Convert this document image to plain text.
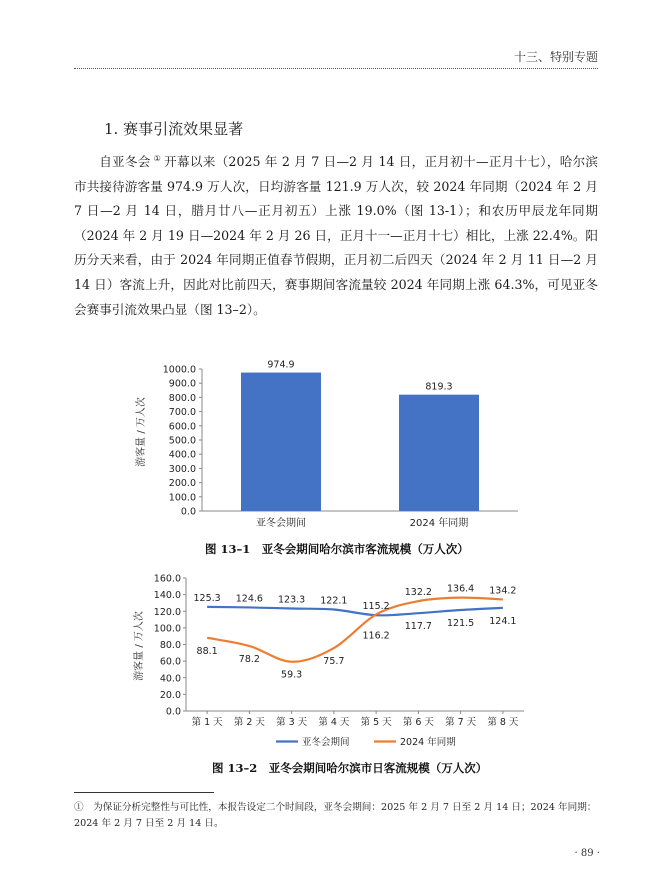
十三、特别专题
1. 赛事引流效果显著

自亚冬会 ① 开幕以来（2025 年 2 月 7 日—2 月 14 日，正月初十—正月十七），哈尔滨市共接待游客量 974.9 万人次，日均游客量 121.9 万人次，较 2024 年同期（2024 年 2 月 7 日—2 月 14 日，腊月廿八—正月初五）上涨 19.0%（图 13-1）；和农历甲辰龙年同期（2024 年 2 月 19 日—2024 年 2 月 26 日，正月十一—正月十七）相比，上涨 22.4%。阳历分天来看，由于 2024 年同期正值春节假期，正月初二后四天（2024 年 2 月 11 日—2 月 14 日）客流上升，因此对比前四天，赛事期间客流量较 2024 年同期上涨 64.3%，可见亚冬会赛事引流效果凸显（图 13–2）。

0.0
100.0
200.0
300.0
400.0
500.0
600.0
700.0
800.0
900.0
1000.0	974.9
819.3
亚冬会期间	2024 年同期
游客量 / 万人次
图 13–1　亚冬会期间哈尔滨市客流规模（万人次）
0.0
20.0
40.0
60.0
80.0
100.0
120.0
140.0
160.0
125.3 124.6 123.3 122.1
115.2
117.7 121.5 124.1
88.1
78.2
59.3
75.7
116.2
132.2 136.4 134.2
第 1 天 第 2 天 第 3 天 第 4 天 第 5 天 第 6 天 第 7 天 第 8 天
亚冬会期间	2024 年同期
游客量 / 万人次
图 13–2　亚冬会期间哈尔滨市日客流规模（万人次）
①　为保证分析完整性与可比性，本报告设定二个时间段，亚冬会期间：2025 年 2 月 7 日至 2 月 14 日；2024 年同期：2024 年 2 月 7 日至 2 月 14 日。
· 89 ·
